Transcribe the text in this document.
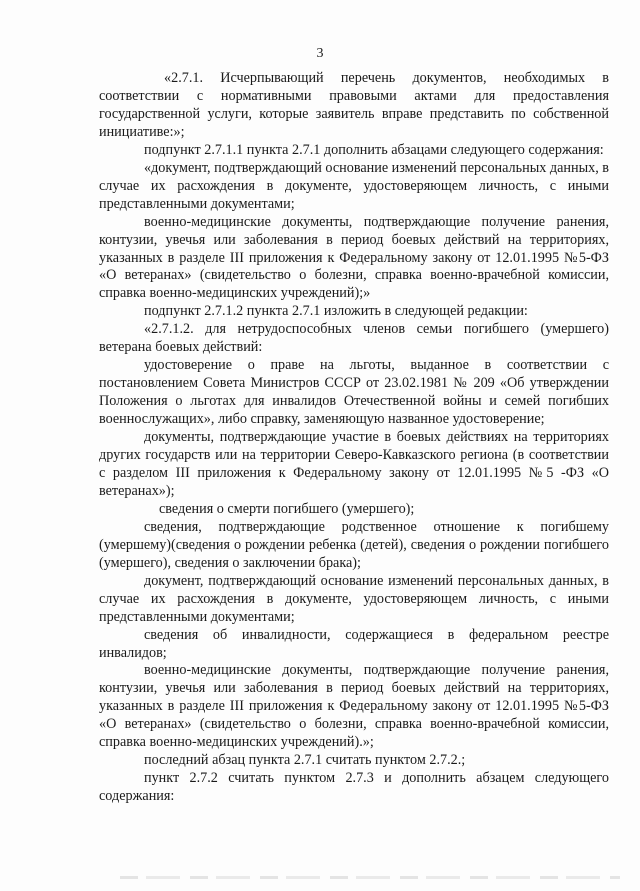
3

«2.7.1. Исчерпывающий перечень документов, необходимых в соответствии с нормативными правовыми актами для предоставления государственной услуги, которые заявитель вправе представить по собственной инициативе:»;

подпункт 2.7.1.1 пункта 2.7.1 дополнить абзацами следующего содержания:

«документ, подтверждающий основание изменений персональных данных, в случае их расхождения в документе, удостоверяющем личность, с иными представленными документами;

военно-медицинские документы, подтверждающие получение ранения, контузии, увечья или заболевания в период боевых действий на территориях, указанных в разделе III приложения к Федеральному закону от 12.01.1995 №5-ФЗ «О ветеранах» (свидетельство о болезни, справка военно-врачебной комиссии, справка военно-медицинских учреждений);»

подпункт 2.7.1.2 пункта 2.7.1 изложить в следующей редакции:

«2.7.1.2. для нетрудоспособных членов семьи погибшего (умершего) ветерана боевых действий:

удостоверение о праве на льготы, выданное в соответствии с постановлением Совета Министров СССР от 23.02.1981 № 209 «Об утверждении Положения о льготах для инвалидов Отечественной войны и семей погибших военнослужащих», либо справку, заменяющую названное удостоверение;

документы, подтверждающие участие в боевых действиях на территориях других государств или на территории Северо-Кавказского региона (в соответствии с разделом III приложения к Федеральному закону от 12.01.1995 №5 -ФЗ «О ветеранах»);

сведения о смерти погибшего (умершего);

сведения, подтверждающие родственное отношение к погибшему (умершему)(сведения о рождении ребенка (детей), сведения о рождении погибшего (умершего), сведения о заключении брака);

документ, подтверждающий основание изменений персональных данных, в случае их расхождения в документе, удостоверяющем личность, с иными представленными документами;

сведения об инвалидности, содержащиеся в федеральном реестре инвалидов;

военно-медицинские документы, подтверждающие получение ранения, контузии, увечья или заболевания в период боевых действий на территориях, указанных в разделе III приложения к Федеральному закону от 12.01.1995 №5-ФЗ «О ветеранах» (свидетельство о болезни, справка военно-врачебной комиссии, справка военно-медицинских учреждений).»;

последний абзац пункта 2.7.1 считать пунктом 2.7.2.;

пункт 2.7.2 считать пунктом 2.7.3 и дополнить абзацем следующего содержания:
